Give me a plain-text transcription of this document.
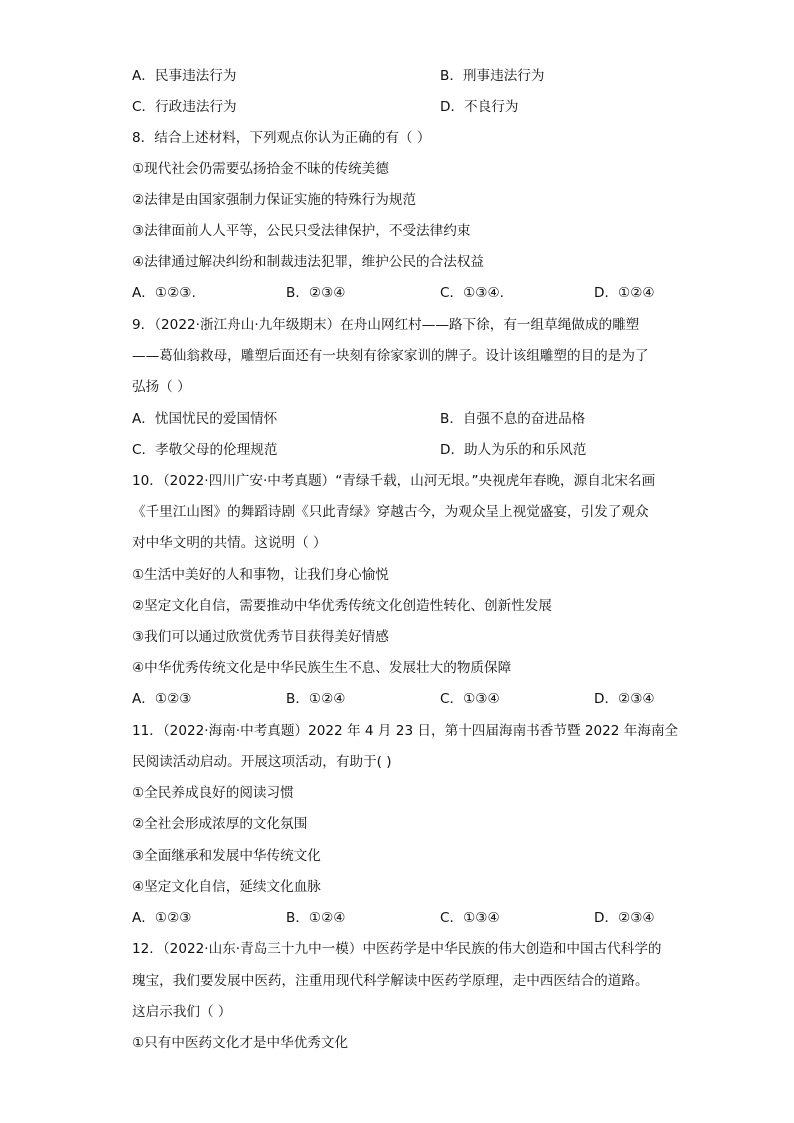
A．民事违法行为	B．刑事违法行为
C．行政违法行为	D．不良行为
8．结合上述材料，下列观点你认为正确的有（ ）
①现代社会仍需要弘扬拾金不昧的传统美德
②法律是由国家强制力保证实施的特殊行为规范
③法律面前人人平等，公民只受法律保护，不受法律约束
④法律通过解决纠纷和制裁违法犯罪，维护公民的合法权益
A．①②③.	B．②③④	C．①③④.	D．①②④
9．（2022·浙江舟山·九年级期末）在舟山网红村——路下徐，有一组草绳做成的雕塑
——葛仙翁救母，雕塑后面还有一块刻有徐家家训的牌子。设计该组雕塑的目的是为了
弘扬（ ）
A．忧国忧民的爱国情怀	B．自强不息的奋进品格
C．孝敬父母的伦理规范	D．助人为乐的和乐风范
10．（2022·四川广安·中考真题）“青绿千载，山河无垠。”央视虎年春晚，源自北宋名画
《千里江山图》的舞蹈诗剧《只此青绿》穿越古今，为观众呈上视觉盛宴，引发了观众
对中华文明的共情。这说明（ ）
①生活中美好的人和事物，让我们身心愉悦
②坚定文化自信，需要推动中华优秀传统文化创造性转化、创新性发展
③我们可以通过欣赏优秀节目获得美好情感
④中华优秀传统文化是中华民族生生不息、发展壮大的物质保障
A．①②③	B．①②④	C．①③④	D．②③④
11．（2022·海南·中考真题）2022 年 4 月 23 日，第十四届海南书香节暨 2022 年海南全
民阅读活动启动。开展这项活动，有助于( )
①全民养成良好的阅读习惯
②全社会形成浓厚的文化氛围
③全面继承和发展中华传统文化
④坚定文化自信，延续文化血脉
A．①②③	B．①②④	C．①③④	D．②③④
12．（2022·山东·青岛三十九中一模）中医药学是中华民族的伟大创造和中国古代科学的
瑰宝，我们要发展中医药，注重用现代科学解读中医药学原理，走中西医结合的道路。
这启示我们（ ）
①只有中医药文化才是中华优秀文化
